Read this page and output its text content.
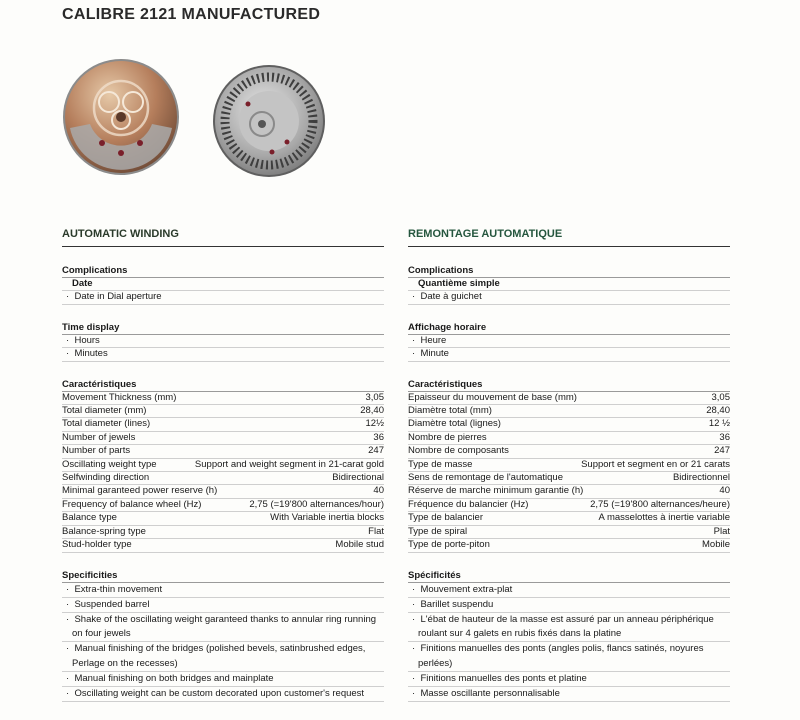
CALIBRE 2121 MANUFACTURED
AUTOMATIC WINDING
Complications
Date
·  Date in Dial aperture
Time display
·  Hours
·  Minutes
Caractéristiques
Movement Thickness (mm)	3,05
Total diameter (mm)	28,40
Total diameter (lines)	12½
Number of jewels	36
Number of parts	247
Oscillating weight type	Support and weight segment in 21-carat gold
Selfwinding direction	Bidirectional
Minimal garanteed power reserve (h)	40
Frequency of balance wheel (Hz)	2,75 (=19'800 alternances/hour)
Balance type	With Variable inertia blocks
Balance-spring type	Flat
Stud-holder type	Mobile stud
Specificities
·  Extra-thin movement
·  Suspended barrel
·  Shake of the oscillating weight garanteed thanks to annular ring running on four jewels
·  Manual finishing of the bridges (polished bevels, satinbrushed edges, Perlage on the recesses)
·  Manual finishing on both bridges and mainplate
·  Oscillating weight can be custom decorated upon customer's request
REMONTAGE AUTOMATIQUE
Complications
Quantième simple
·  Date à guichet
Affichage horaire
·  Heure
·  Minute
Caractéristiques
Epaisseur du mouvement de base (mm)	3,05
Diamètre total (mm)	28,40
Diamètre total (lignes)	12 ½
Nombre de pierres	36
Nombre de composants	247
Type de masse	Support et segment en or 21 carats
Sens de remontage de l'automatique	Bidirectionnel
Réserve de marche minimum garantie (h)	40
Fréquence du balancier (Hz)	2,75 (=19'800 alternances/heure)
Type de balancier	A masselottes à inertie variable
Type de spiral	Plat
Type de porte-piton	Mobile
Spécificités
·  Mouvement extra-plat
·  Barillet suspendu
·  L'ébat de hauteur de la masse est assuré par un anneau périphérique roulant sur 4 galets en rubis fixés dans la platine
·  Finitions manuelles des ponts (angles polis, flancs satinés, noyures perlées)
·  Finitions manuelles des ponts et platine
·  Masse oscillante personnalisable
